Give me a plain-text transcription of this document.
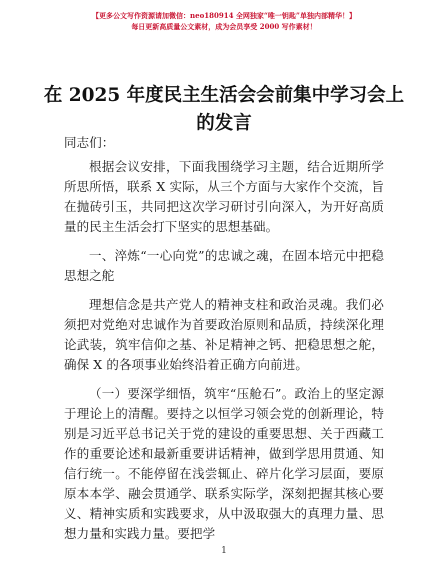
【更多公文写作资源请加微信：neo180914 全网独家“唯一钥匙”单独内部精华！】
每日更新高质量公文素材，成为会员享受 2000 写作素材！
在 2025 年度民主生活会会前集中学习会上的发言

同志们：

根据会议安排，下面我围绕学习主题，结合近期所学所思所悟，联系 X 实际，从三个方面与大家作个交流，旨在抛砖引玉，共同把这次学习研讨引向深入，为开好高质量的民主生活会打下坚实的思想基础。

一、淬炼“一心向党”的忠诚之魂，在固本培元中把稳思想之舵

理想信念是共产党人的精神支柱和政治灵魂。我们必须把对党绝对忠诚作为首要政治原则和品质，持续深化理论武装，筑牢信仰之基、补足精神之钙、把稳思想之舵，确保 X 的各项事业始终沿着正确方向前进。

（一）要深学细悟，筑牢“压舱石”。政治上的坚定源于理论上的清醒。要持之以恒学习领会党的创新理论，特别是习近平总书记关于党的建设的重要思想、关于西藏工作的重要论述和最新重要讲话精神，做到学思用贯通、知信行统一。不能停留在浅尝辄止、碎片化学习层面，要原原本本学、融会贯通学、联系实际学，深刻把握其核心要义、精神实质和实践要求，从中汲取强大的真理力量、思想力量和实践力量。要把学

1
